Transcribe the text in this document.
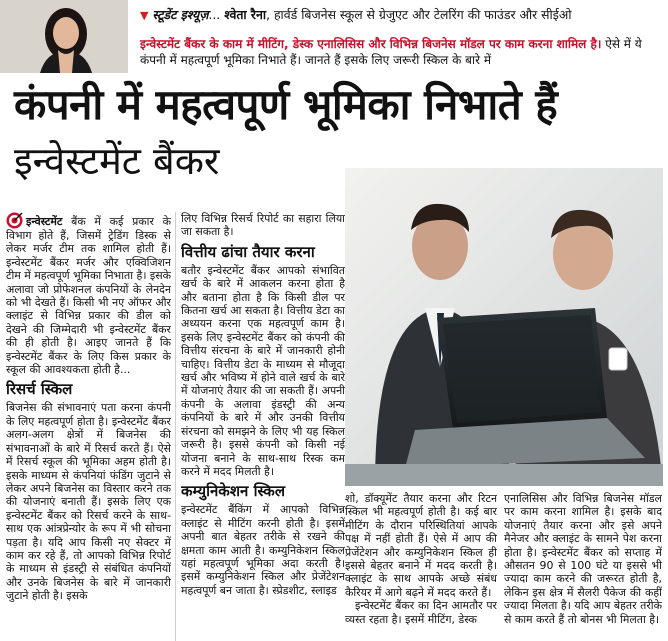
▼ स्टूडेंट इश्यूज़... श्वेता रैना, हार्वर्ड बिजनेस स्कूल से ग्रेजुएट और टेलरिंग की फाउंडर और सीईओ
इन्वेस्टमेंट बैंकर के काम में मीटिंग, डेस्क एनालिसिस और विभिन्न बिजनेस मॉडल पर काम करना शामिल है। ऐसे में ये कंपनी में महत्वपूर्ण भूमिका निभाते हैं। जानते हैं इसके लिए जरूरी स्किल के बारे में
कंपनी में महत्वपूर्ण भूमिका निभाते हैं
इन्वेस्टमेंट बैंकर

इन्वेस्टमेंट बैंक में कई प्रकार के विभाग होते हैं, जिसमें ट्रेडिंग डिस्क से लेकर मर्जर टीम तक शामिल होती हैं। इन्वेस्टमेंट बैंकर मर्जर और एक्विजिशन टीम में महत्वपूर्ण भूमिका निभाता है। इसके अलावा जो प्रोफेशनल कंपनियों के लेनदेन को भी देखते हैं। किसी भी नए ऑफर और क्लाइंट से विभिन्न प्रकार की डील को देखने की जिम्मेदारी भी इन्वेस्टमेंट बैंकर की ही होती है। आइए जानते हैं कि इन्वेस्टमेंट बैंकर के लिए किस प्रकार के स्कूल की आवश्यकता होती है...

रिसर्च स्किल

बिजनेस की संभावनाएं पता करना कंपनी के लिए महत्वपूर्ण होता है। इन्वेस्टमेंट बैंकर अलग-अलग क्षेत्रों में बिजनेस की संभावनाओं के बारे में रिसर्च करते हैं। ऐसे में रिसर्च स्कूल की भूमिका अहम होती है। इसके माध्यम से कंपनियां फंडिंग जुटाने से लेकर अपने बिजनेस का विस्तार करने तक की योजनाएं बनाती हैं। इसके लिए एक इन्वेस्टमेंट बैंकर को रिसर्च करने के साथ-साथ एक आंत्रप्रेन्योर के रूप में भी सोचना पड़ता है। यदि आप किसी नए सेक्टर में काम कर रहे हैं, तो आपको विभिन्न रिपोर्ट के माध्यम से इंडस्ट्री से संबंधित कंपनियों और उनके बिजनेस के बारे में जानकारी जुटाने होती है। इसके

लिए विभिन्न रिसर्च रिपोर्ट का सहारा लिया जा सकता है।

वित्तीय ढांचा तैयार करना

बतौर इन्वेस्टमेंट बैंकर आपको संभावित खर्च के बारे में आकलन करना होता है और बताना होता है कि किसी डील पर कितना खर्च आ सकता है। वित्तीय डेटा का अध्ययन करना एक महत्वपूर्ण काम है। इसके लिए इन्वेस्टमेंट बैंकर को कंपनी की वित्तीय संरचना के बारे में जानकारी होनी चाहिए। वित्तीय डेटा के माध्यम से मौजूदा खर्च और भविष्य में होने वाले खर्च के बारे में योजनाएं तैयार की जा सकती हैं। अपनी कंपनी के अलावा इंडस्ट्री की अन्य कंपनियों के बारे में और उनकी वित्तीय संरचना को समझने के लिए भी यह स्किल जरूरी है। इससे कंपनी को किसी नई योजना बनाने के साथ-साथ रिस्क कम करने में मदद मिलती है।

कम्युनिकेशन स्किल

इन्वेस्टमेंट बैंकिंग में आपको विभिन्न क्लाइंट से मीटिंग करनी होती है। इसमें अपनी बात बेहतर तरीके से रखने की क्षमता काम आती है। कम्युनिकेशन स्किल यहां महत्वपूर्ण भूमिका अदा करती है। इसमें कम्युनिकेशन स्किल और प्रेजेंटेशन महत्वपूर्ण बन जाता है। स्प्रेडशीट, स्लाइड

शो, डॉक्यूमेंट तैयार करना और रिटन स्किल भी महत्वपूर्ण होती है। कई बार मीटिंग के दौरान परिस्थितियां आपके पक्ष में नहीं होती हैं। ऐसे में आप की प्रेजेंटेशन और कम्युनिकेशन स्किल ही इससे बेहतर बनाने में मदद करती है। क्लाइंट के साथ आपके अच्छे संबंध कैरियर में आगे बढ़ने में मदद करते हैं।

इन्वेस्टमेंट बैंकर का दिन आमतौर पर व्यस्त रहता है। इसमें मीटिंग, डेस्क

एनालिसिस और विभिन्न बिजनेस मॉडल पर काम करना शामिल है। इसके बाद योजनाएं तैयार करना और इसे अपने मैनेजर और क्लाइंट के सामने पेश करना होता है। इन्वेस्टमेंट बैंकर को सप्ताह में औसतन 90 से 100 घंटे या इससे भी ज्यादा काम करने की जरूरत होती है, लेकिन इस क्षेत्र में सैलरी पैकेज की कहीं ज्यादा मिलता है। यदि आप बेहतर तरीके से काम करते हैं तो बोनस भी मिलता है।
